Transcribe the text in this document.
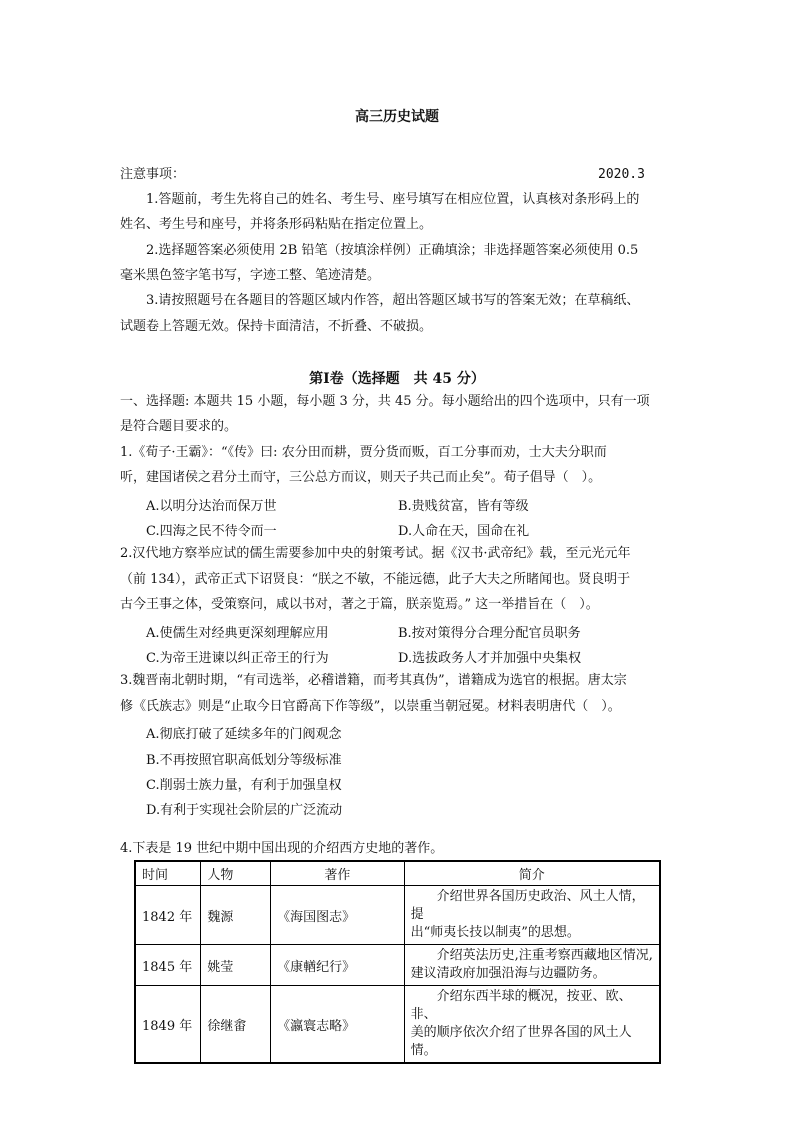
高三历史试题
注意事项：	2020.3
1.答题前，考生先将自己的姓名、考生号、座号填写在相应位置，认真核对条形码上的
姓名、考生号和座号，并将条形码粘贴在指定位置上。
2.选择题答案必须使用 2B 铅笔（按填涂样例）正确填涂；非选择题答案必须使用 0.5
毫米黑色签字笔书写，字迹工整、笔迹清楚。
3.请按照题号在各题目的答题区域内作答，超出答题区域书写的答案无效；在草稿纸、
试题卷上答题无效。保持卡面清洁，不折叠、不破损。
第Ⅰ卷（选择题　共 45 分）
一、选择题: 本题共 15 小题，每小题 3 分，共 45 分。每小题给出的四个选项中，只有一项
是符合题目要求的。
1.《荀子·王霸》：“《传》曰: 农分田而耕，贾分货而贩，百工分事而劝，士大夫分职而
听，建国诸侯之君分土而守，三公总方而议，则天子共己而止矣”。荀子倡导（　）。
A.以明分达治而保万世	B.贵贱贫富，皆有等级
C.四海之民不待令而一	D.人命在天，国命在礼
2.汉代地方察举应试的儒生需要参加中央的射策考试。据《汉书·武帝纪》载，至元光元年
（前 134），武帝正式下诏贤良：“朕之不敏，不能远德，此子大夫之所睹闻也。贤良明于
古今王事之体，受策察问，咸以书对，著之于篇，朕亲览焉。” 这一举措旨在（　）。
A.使儒生对经典更深刻理解应用	B.按对策得分合理分配官员职务
C.为帝王进谏以纠正帝王的行为	D.选拔政务人才并加强中央集权
3.魏晋南北朝时期，“有司选举，必稽谱籍，而考其真伪”，谱籍成为选官的根据。唐太宗
修《氏族志》则是“止取今日官爵高下作等级”，以崇重当朝冠冕。材料表明唐代（　）。
A.彻底打破了延续多年的门阀观念
B.不再按照官职高低划分等级标准
C.削弱士族力量，有利于加强皇权
D.有利于实现社会阶层的广泛流动
4.下表是 19 世纪中期中国出现的介绍西方史地的著作。
时间	人物	著作	简介
1842 年	魏源	《海国图志》	　　介绍世界各国历史政治、风土人情，提
出“师夷长技以制夷”的思想。

1845 年	姚莹	《康輶纪行》	　　介绍英法历史,注重考察西藏地区情况,
建议清政府加强沿海与边疆防务。

1849 年	徐继畬	《瀛寰志略》	　　介绍东西半球的概况，按亚、欧、非、
美的顺序依次介绍了世界各国的风土人情。
